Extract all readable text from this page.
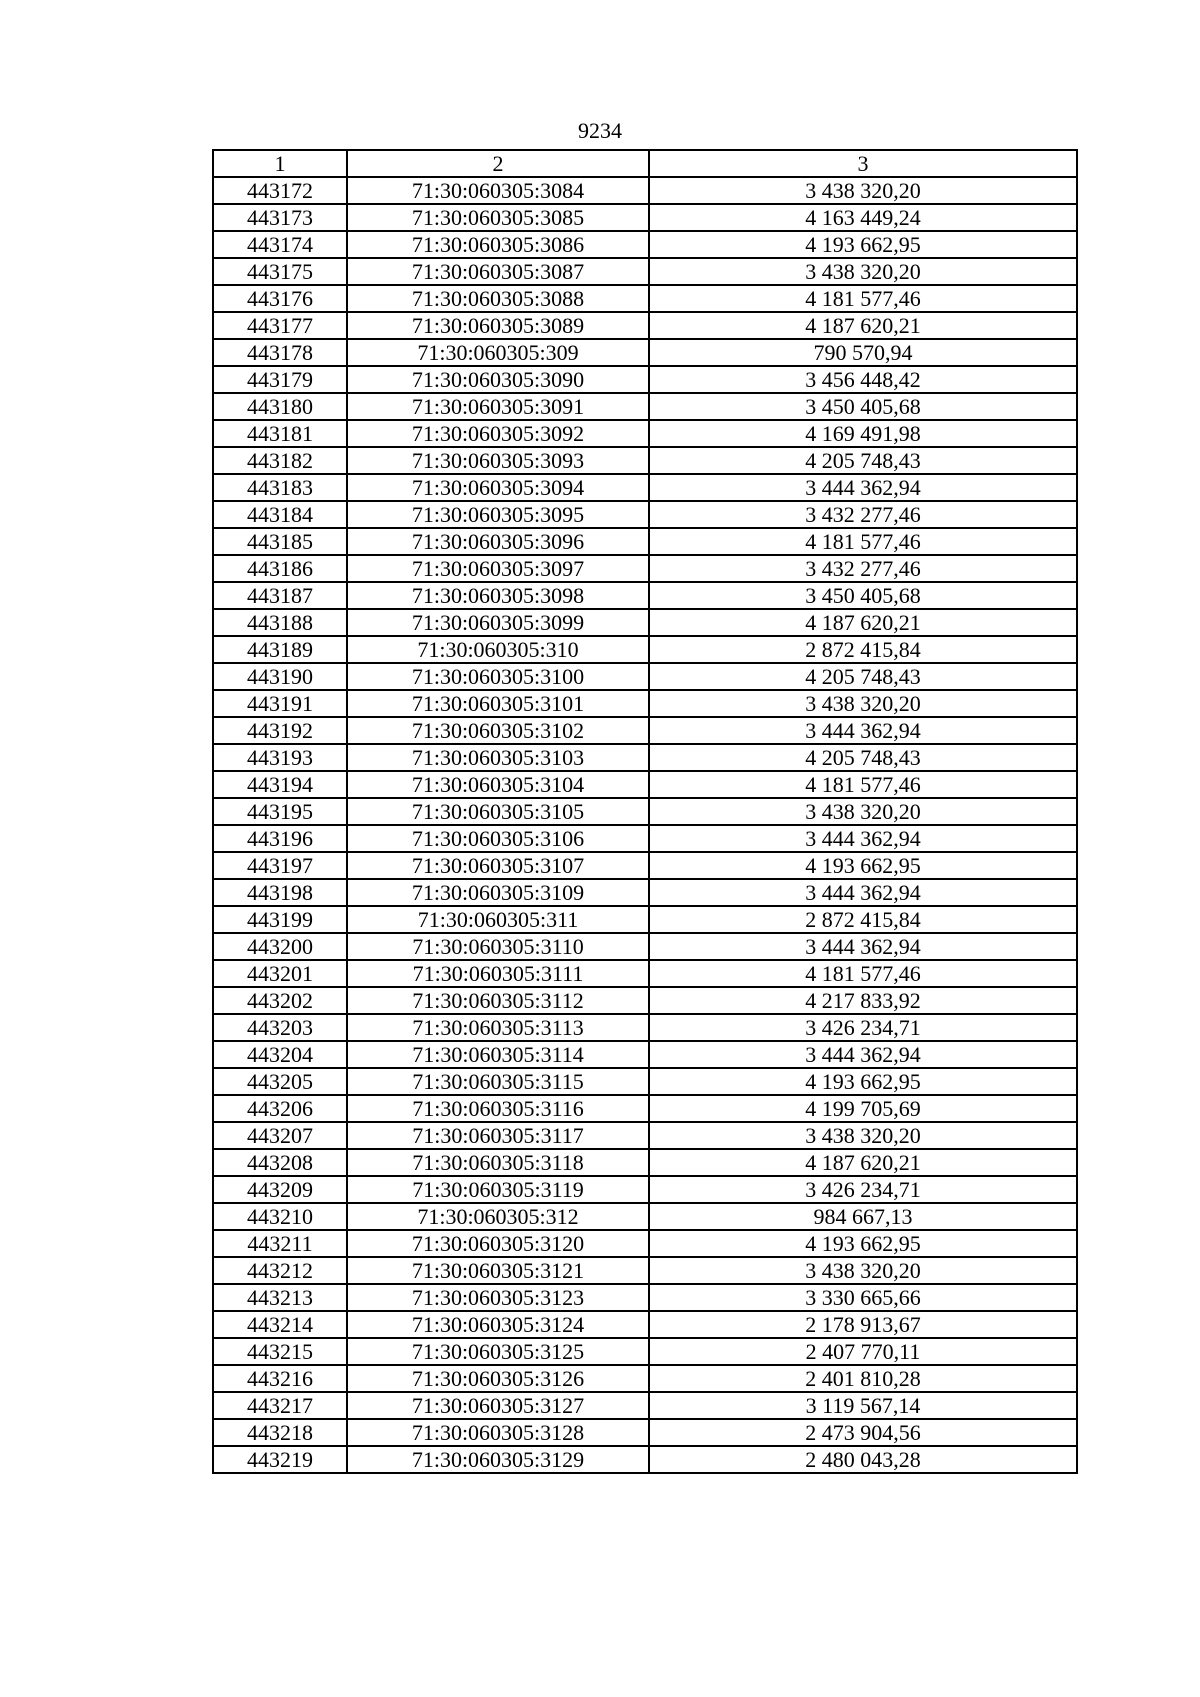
9234
1	2	3
443172	71:30:060305:3084	3 438 320,20
443173	71:30:060305:3085	4 163 449,24
443174	71:30:060305:3086	4 193 662,95
443175	71:30:060305:3087	3 438 320,20
443176	71:30:060305:3088	4 181 577,46
443177	71:30:060305:3089	4 187 620,21
443178	71:30:060305:309	790 570,94
443179	71:30:060305:3090	3 456 448,42
443180	71:30:060305:3091	3 450 405,68
443181	71:30:060305:3092	4 169 491,98
443182	71:30:060305:3093	4 205 748,43
443183	71:30:060305:3094	3 444 362,94
443184	71:30:060305:3095	3 432 277,46
443185	71:30:060305:3096	4 181 577,46
443186	71:30:060305:3097	3 432 277,46
443187	71:30:060305:3098	3 450 405,68
443188	71:30:060305:3099	4 187 620,21
443189	71:30:060305:310	2 872 415,84
443190	71:30:060305:3100	4 205 748,43
443191	71:30:060305:3101	3 438 320,20
443192	71:30:060305:3102	3 444 362,94
443193	71:30:060305:3103	4 205 748,43
443194	71:30:060305:3104	4 181 577,46
443195	71:30:060305:3105	3 438 320,20
443196	71:30:060305:3106	3 444 362,94
443197	71:30:060305:3107	4 193 662,95
443198	71:30:060305:3109	3 444 362,94
443199	71:30:060305:311	2 872 415,84
443200	71:30:060305:3110	3 444 362,94
443201	71:30:060305:3111	4 181 577,46
443202	71:30:060305:3112	4 217 833,92
443203	71:30:060305:3113	3 426 234,71
443204	71:30:060305:3114	3 444 362,94
443205	71:30:060305:3115	4 193 662,95
443206	71:30:060305:3116	4 199 705,69
443207	71:30:060305:3117	3 438 320,20
443208	71:30:060305:3118	4 187 620,21
443209	71:30:060305:3119	3 426 234,71
443210	71:30:060305:312	984 667,13
443211	71:30:060305:3120	4 193 662,95
443212	71:30:060305:3121	3 438 320,20
443213	71:30:060305:3123	3 330 665,66
443214	71:30:060305:3124	2 178 913,67
443215	71:30:060305:3125	2 407 770,11
443216	71:30:060305:3126	2 401 810,28
443217	71:30:060305:3127	3 119 567,14
443218	71:30:060305:3128	2 473 904,56
443219	71:30:060305:3129	2 480 043,28
